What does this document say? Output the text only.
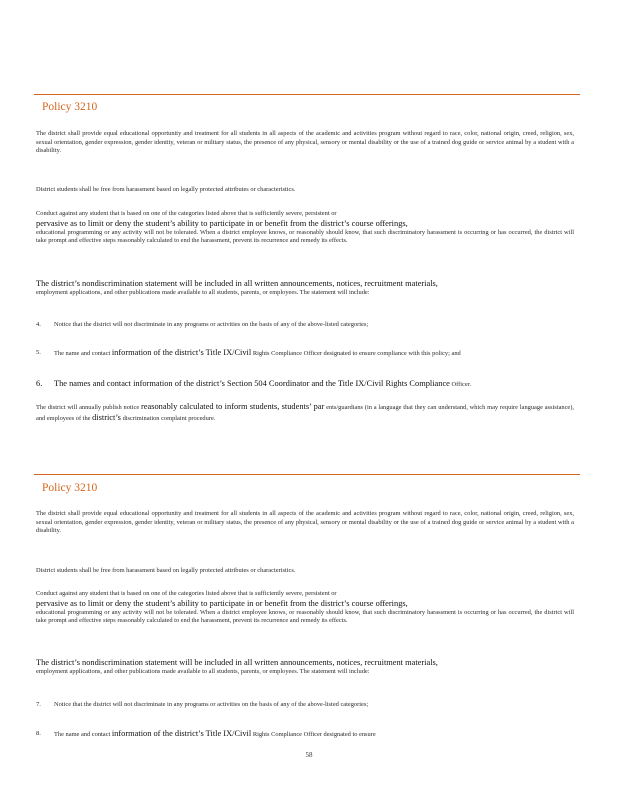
Policy 3210

The district shall provide equal educational opportunity and treatment for all students in all aspects of the academic and activities program without regard to race, color, national origin, creed, religion, sex, sexual orientation, gender expression, gender identity, veteran or military status, the presence of any physical, sensory or mental disability or the use of a trained dog guide or service animal by a student with a disability.

District students shall be free from harassment based on legally protected attributes or characteristics.

Conduct against any student that is based on one of the categories listed above that is sufficiently severe, persistent or

pervasive as to limit or deny the student’s ability to participate in or benefit from the district’s course offerings,

educational programming or any activity will not be tolerated. When a district employee knows, or reasonably should know, that such discriminatory harassment is occurring or has occurred, the district will take prompt and effective steps reasonably calculated to end the harassment, prevent its recurrence and remedy its effects.

The district’s nondiscrimination statement will be included in all written announcements, notices, recruitment materials,

employment applications, and other publications made available to all students, parents, or employees. The statement will include:

4.	Notice that the district will not discriminate in any programs or activities on the basis of any of the above-listed categories;
5.	The name and contact information of the district’s Title IX/Civil Rights Compliance Officer designated to ensure compliance with this policy; and
6.	The names and contact information of the district’s Section 504 Coordinator and the Title IX/Civil Rights Compliance Officer.

The district will annually publish notice reasonably calculated to inform students, students’ par ents/guardians (in a language that they can understand, which may require language assistance), and employees of the district’s discrimination complaint procedure.

Policy 3210

The district shall provide equal educational opportunity and treatment for all students in all aspects of the academic and activities program without regard to race, color, national origin, creed, religion, sex, sexual orientation, gender expression, gender identity, veteran or military status, the presence of any physical, sensory or mental disability or the use of a trained dog guide or service animal by a student with a disability.

District students shall be free from harassment based on legally protected attributes or characteristics.

Conduct against any student that is based on one of the categories listed above that is sufficiently severe, persistent or

pervasive as to limit or deny the student’s ability to participate in or benefit from the district’s course offerings,

educational programming or any activity will not be tolerated. When a district employee knows, or reasonably should know, that such discriminatory harassment is occurring or has occurred, the district will take prompt and effective steps reasonably calculated to end the harassment, prevent its recurrence and remedy its effects.

The district’s nondiscrimination statement will be included in all written announcements, notices, recruitment materials,

employment applications, and other publications made available to all students, parents, or employees. The statement will include:

7.	Notice that the district will not discriminate in any programs or activities on the basis of any of the above-listed categories;
8.	The name and contact information of the district’s Title IX/Civil Rights Compliance Officer designated to ensure
58
